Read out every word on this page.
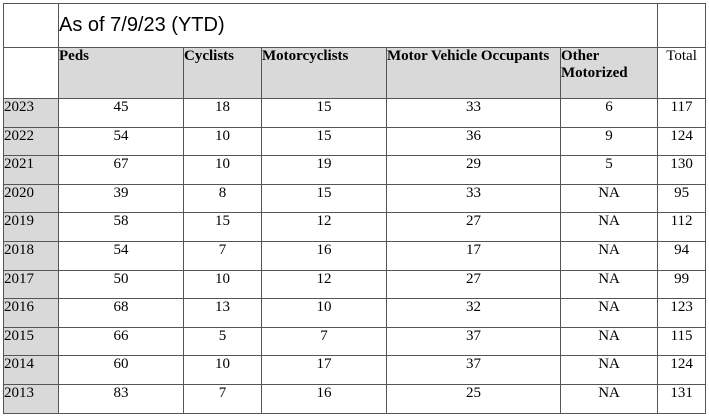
	As of 7/9/23 (YTD)					
	Peds	Cyclists	Motorcyclists	Motor Vehicle Occupants	Other Motorized	Total
2023	45	18	15	33	6	117
2022	54	10	15	36	9	124
2021	67	10	19	29	5	130
2020	39	8	15	33	NA	95
2019	58	15	12	27	NA	112
2018	54	7	16	17	NA	94
2017	50	10	12	27	NA	99
2016	68	13	10	32	NA	123
2015	66	5	7	37	NA	115
2014	60	10	17	37	NA	124
2013	83	7	16	25	NA	131
